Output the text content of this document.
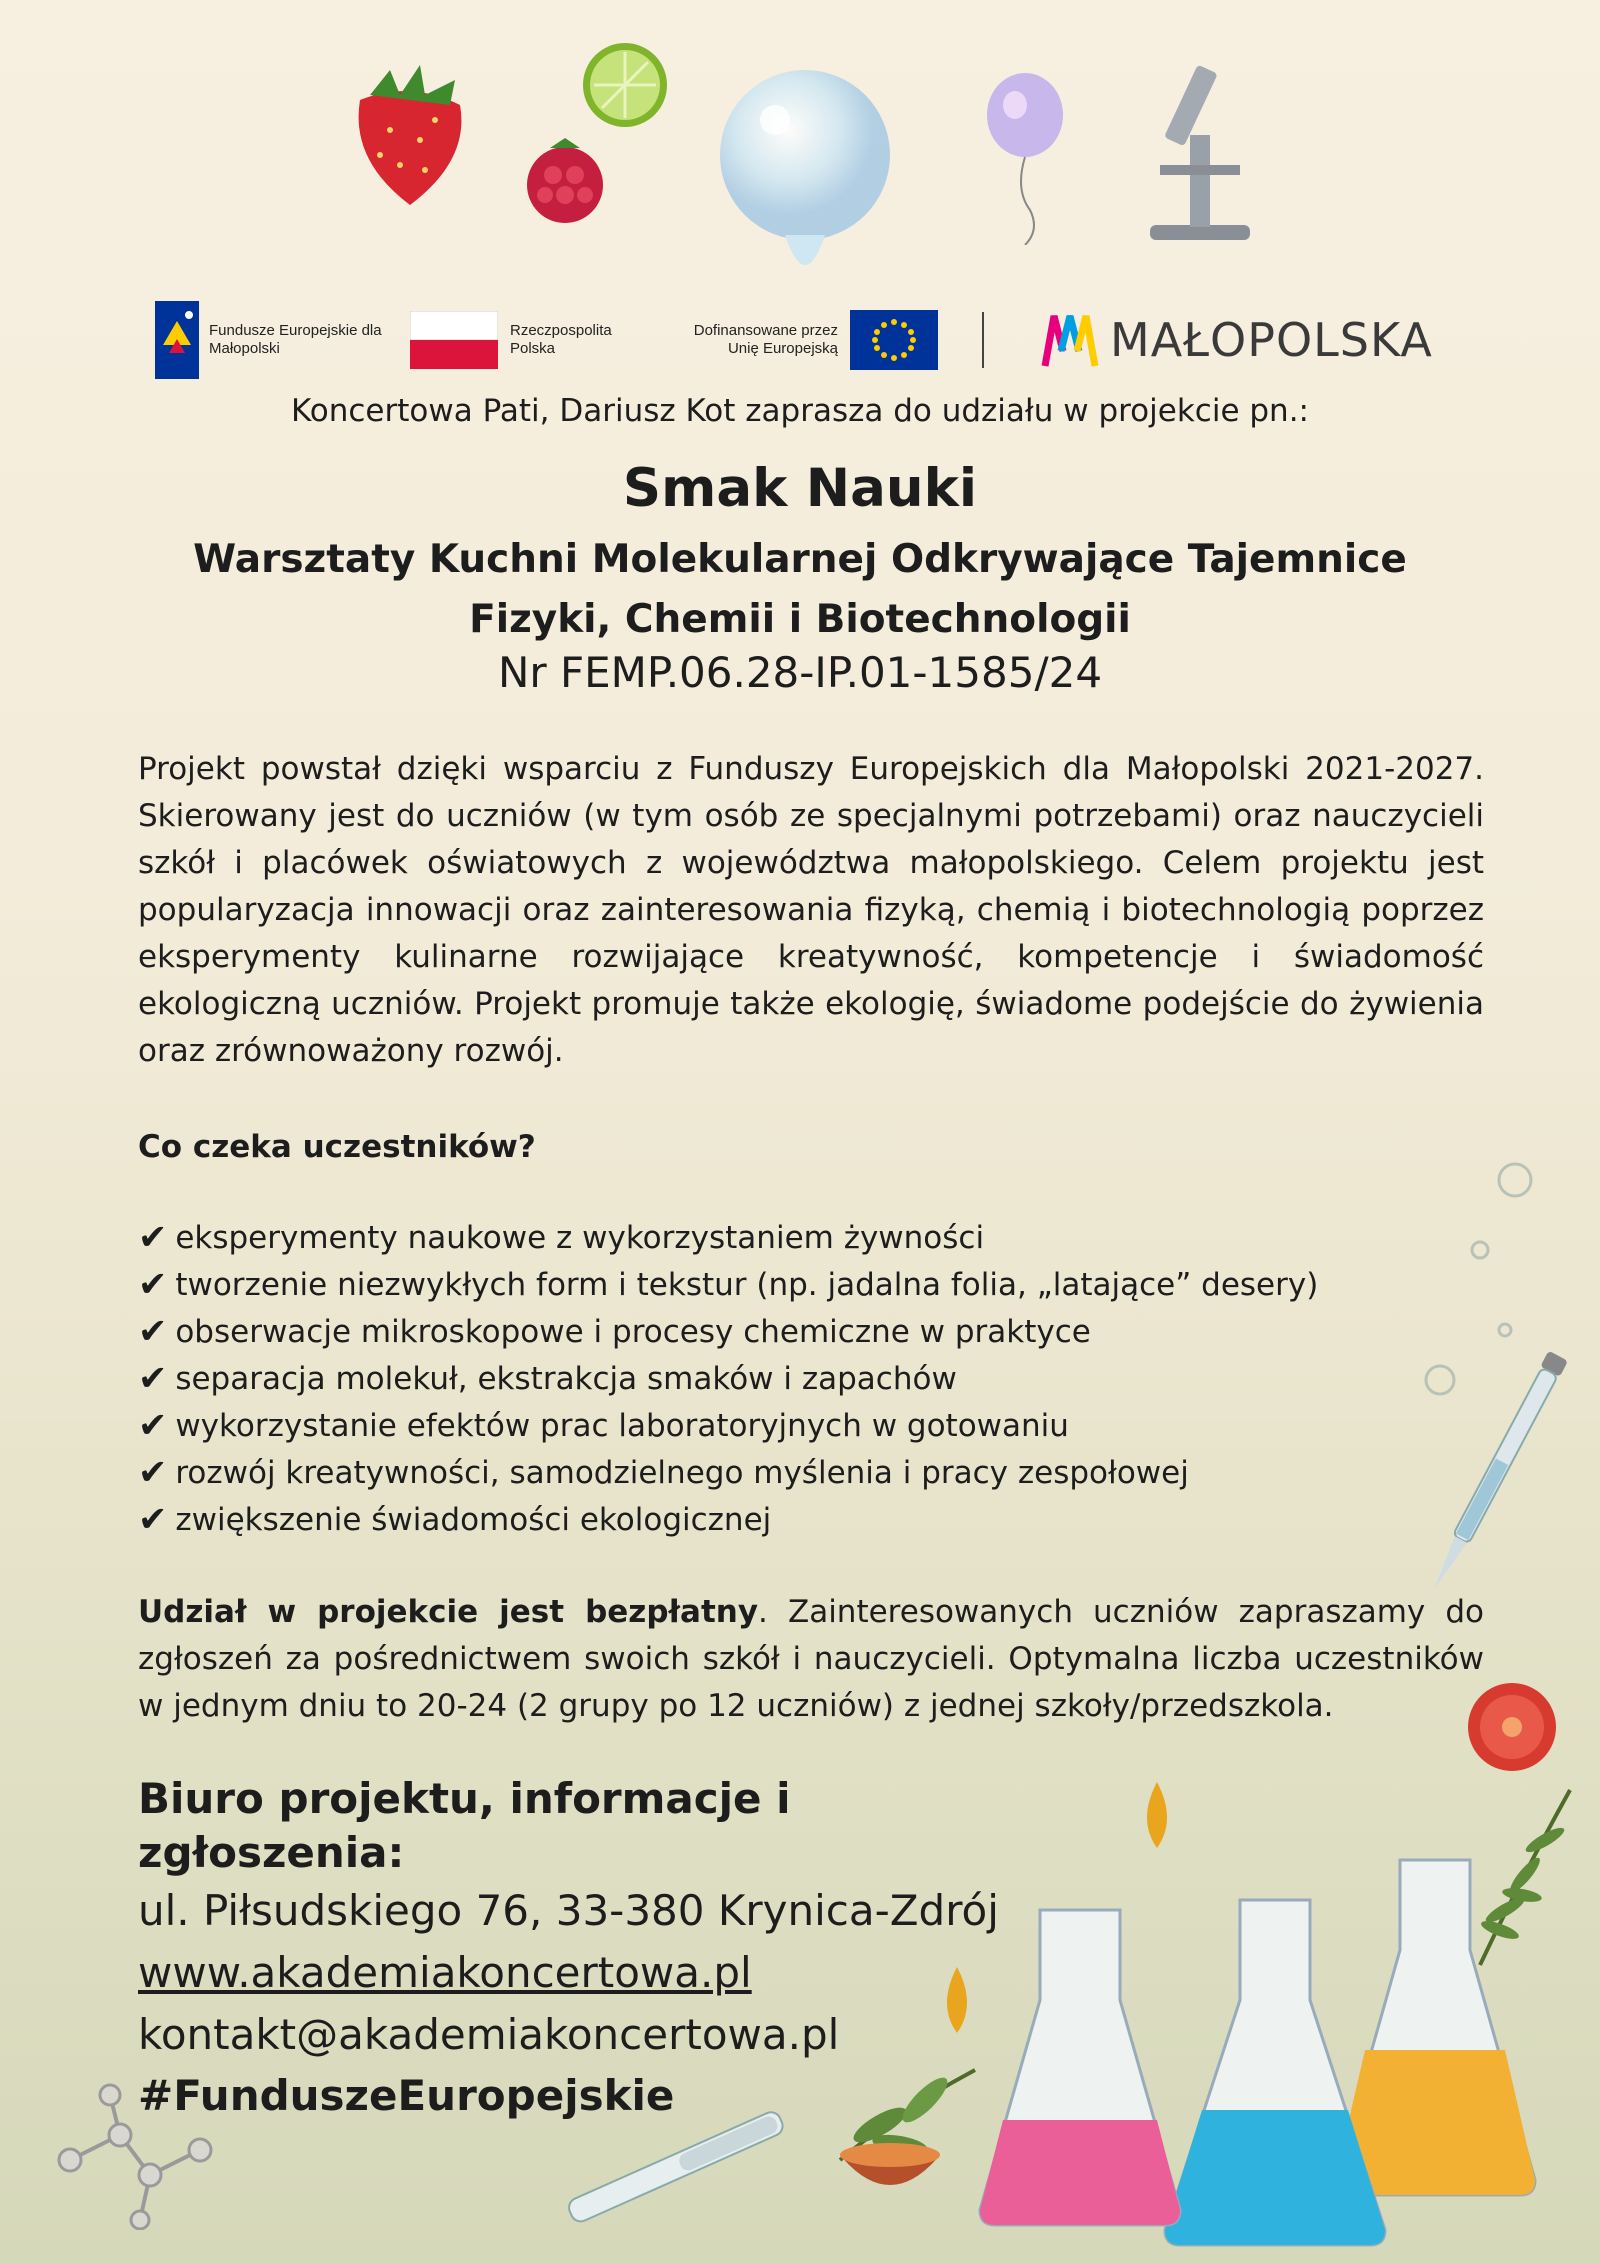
Fundusze Europejskie dla Małopolski
Rzeczpospolita Polska
Dofinansowane przez Unię Europejską	MAŁOPOLSKA
Koncertowa Pati, Dariusz Kot zaprasza do udziału w projekcie pn.:
Smak Nauki
Warsztaty Kuchni Molekularnej Odkrywające Tajemnice
Fizyki, Chemii i Biotechnologii
Nr FEMP.06.28-IP.01-1585/24

Projekt powstał dzięki wsparciu z Funduszy Europejskich dla Małopolski 2021-2027. Skierowany jest do uczniów (w tym osób ze specjalnymi potrzebami) oraz nauczycieli szkół i placówek oświatowych z województwa małopolskiego. Celem projektu jest popularyzacja innowacji oraz zainteresowania fizyką, chemią i biotechnologią poprzez eksperymenty kulinarne rozwijające kreatywność, kompetencje i świadomość ekologiczną uczniów. Projekt promuje także ekologię, świadome podejście do żywienia oraz zrównoważony rozwój.

Co czeka uczestników?
✔ eksperymenty naukowe z wykorzystaniem żywności
✔ tworzenie niezwykłych form i tekstur (np. jadalna folia, „latające” desery)
✔ obserwacje mikroskopowe i procesy chemiczne w praktyce
✔ separacja molekuł, ekstrakcja smaków i zapachów
✔ wykorzystanie efektów prac laboratoryjnych w gotowaniu
✔ rozwój kreatywności, samodzielnego myślenia i pracy zespołowej
✔ zwiększenie świadomości ekologicznej

Udział w projekcie jest bezpłatny. Zainteresowanych uczniów zapraszamy do zgłoszeń za pośrednictwem swoich szkół i nauczycieli. Optymalna liczba uczestników w jednym dniu to 20-24 (2 grupy po 12 uczniów) z jednej szkoły/przedszkola.

Biuro projektu, informacje i zgłoszenia:
ul. Piłsudskiego 76, 33-380 Krynica-Zdrój
www.akademiakoncertowa.pl
kontakt@akademiakoncertowa.pl
#FunduszeEuropejskie
